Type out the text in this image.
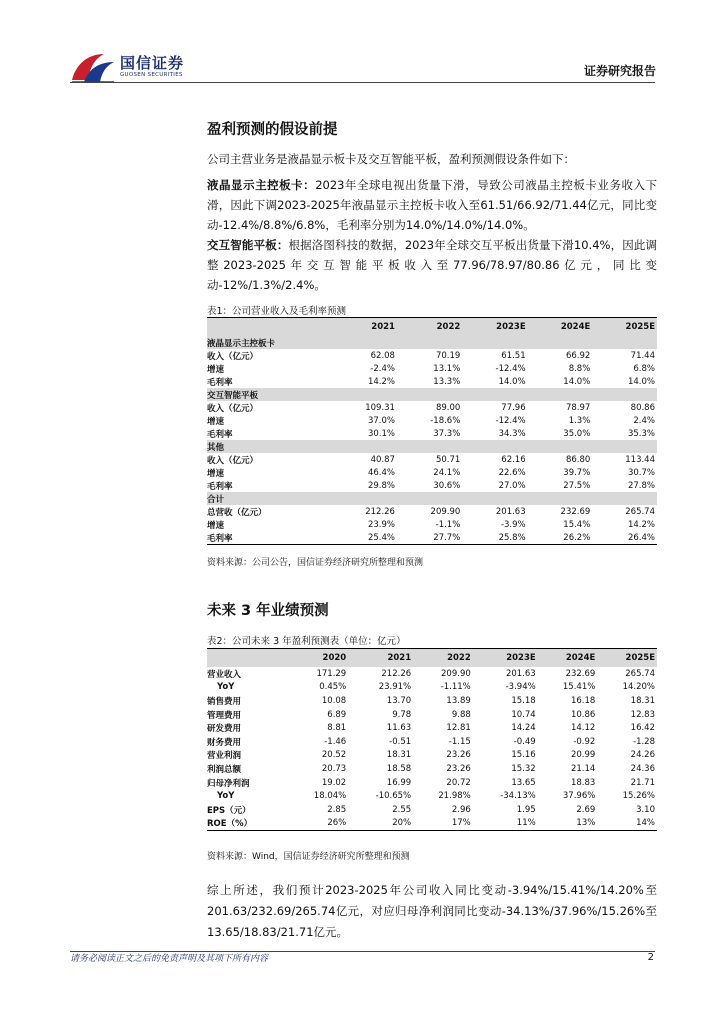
国信证券
GUOSEN SECURITIES	证券研究报告
盈利预测的假设前提

公司主营业务是液晶显示板卡及交互智能平板，盈利预测假设条件如下：

液晶显示主控板卡：2023年全球电视出货量下滑，导致公司液晶主控板卡业务收入下滑，因此下调2023-2025年液晶显示主控板卡收入至61.51/66.92/71.44亿元，同比变动-12.4%/8.8%/6.8%，毛利率分别为14.0%/14.0%/14.0%。

交互智能平板：根据洛图科技的数据，2023年全球交互平板出货量下滑10.4%，因此调整2023-2025年交互智能平板收入至77.96/78.97/80.86亿元，同比变动-12%/1.3%/2.4%。

表1：公司营业收入及毛利率预测
	2021	2022	2023E	2024E	2025E
液晶显示主控板卡					
收入（亿元）	62.08	70.19	61.51	66.92	71.44
增速	-2.4%	13.1%	-12.4%	8.8%	6.8%
毛利率	14.2%	13.3%	14.0%	14.0%	14.0%
交互智能平板					
收入（亿元）	109.31	89.00	77.96	78.97	80.86
增速	37.0%	-18.6%	-12.4%	1.3%	2.4%
毛利率	30.1%	37.3%	34.3%	35.0%	35.3%
其他					
收入（亿元）	40.87	50.71	62.16	86.80	113.44
增速	46.4%	24.1%	22.6%	39.7%	30.7%
毛利率	29.8%	30.6%	27.0%	27.5%	27.8%
合计					
总营收（亿元）	212.26	209.90	201.63	232.69	265.74
增速	23.9%	-1.1%	-3.9%	15.4%	14.2%
毛利率	25.4%	27.7%	25.8%	26.2%	26.4%
资料来源：公司公告，国信证券经济研究所整理和预测
未来 3 年业绩预测
表2：公司未来 3 年盈利预测表（单位：亿元）
	2020	2021	2022	2023E	2024E	2025E
营业收入	171.29	212.26	209.90	201.63	232.69	265.74
YoY	0.45%	23.91%	-1.11%	-3.94%	15.41%	14.20%
销售费用	10.08	13.70	13.89	15.18	16.18	18.31
管理费用	6.89	9.78	9.88	10.74	10.86	12.83
研发费用	8.81	11.63	12.81	14.24	14.12	16.42
财务费用	-1.46	-0.51	-1.15	-0.49	-0.92	-1.28
营业利润	20.52	18.31	23.26	15.16	20.99	24.26
利润总额	20.73	18.58	23.26	15.32	21.14	24.36
归母净利润	19.02	16.99	20.72	13.65	18.83	21.71
YoY	18.04%	-10.65%	21.98%	-34.13%	37.96%	15.26%
EPS（元）	2.85	2.55	2.96	1.95	2.69	3.10
ROE（%）	26%	20%	17%	11%	13%	14%
资料来源：Wind，国信证券经济研究所整理和预测

综上所述，我们预计2023-2025年公司收入同比变动-3.94%/15.41%/14.20%至201.63/232.69/265.74亿元，对应归母净利润同比变动-34.13%/37.96%/15.26%至13.65/18.83/21.71亿元。

请务必阅读正文之后的免责声明及其项下所有内容	2
